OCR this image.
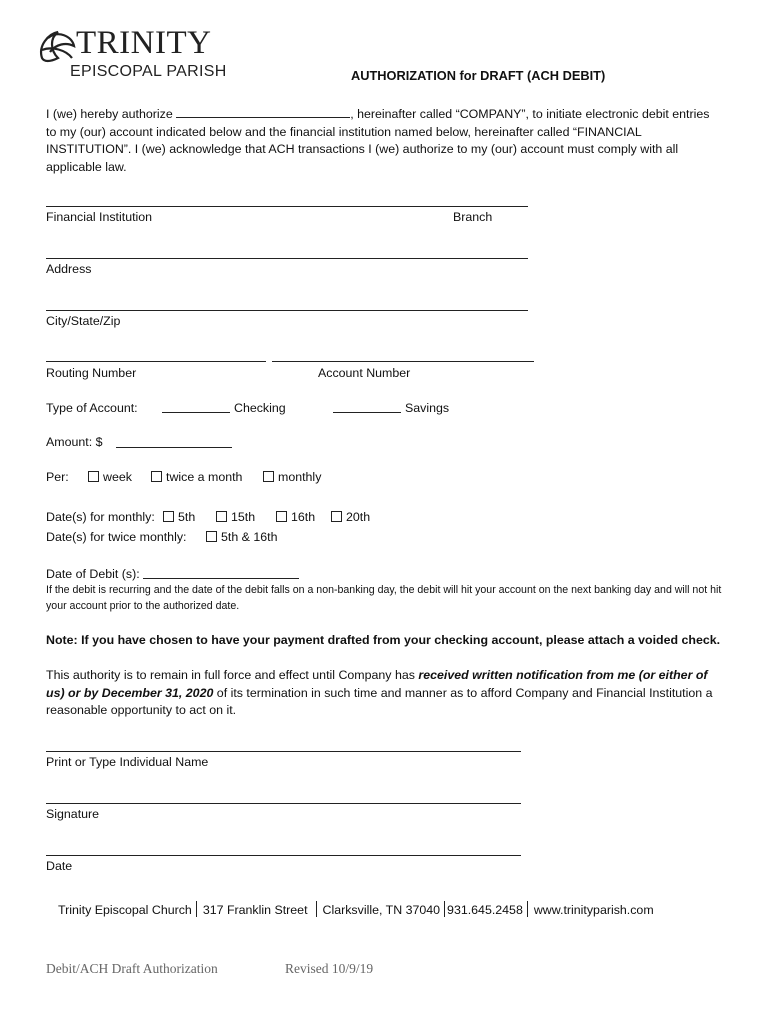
TRINITY
EPISCOPAL PARISH	AUTHORIZATION for DRAFT (ACH DEBIT)
I (we) hereby authorize	, hereinafter called “COMPANY”, to initiate electronic debit entries to my (our) account indicated below and the financial institution named below, hereinafter called “FINANCIAL INSTITUTION”. I (we) acknowledge that ACH transactions I (we) authorize to my (our) account must comply with all applicable law.
Financial Institution	Branch
Address
City/State/Zip
Routing Number	Account Number
Type of Account:	Checking	Savings
Amount: $
Per:	week	twice a month	monthly
Date(s) for monthly:	5th	15th	16th	20th
Date(s) for twice monthly:	5th & 16th
Date of Debit (s):
If the debit is recurring and the date of the debit falls on a non-banking day, the debit will hit your account on the next banking day and will not hit your account prior to the authorized date.
Note: If you have chosen to have your payment drafted from your checking account, please attach a voided check.
This authority is to remain in full force and effect until Company has received written notification from me (or either of us) or by December 31, 2020 of its termination in such time and manner as to afford Company and Financial Institution a reasonable opportunity to act on it.
Print or Type Individual Name
Signature
Date
Trinity Episcopal Church 317 Franklin Street Clarksville, TN 37040 931.645.2458 www.trinityparish.com
Debit/ACH Draft Authorization	Revised 10/9/19
